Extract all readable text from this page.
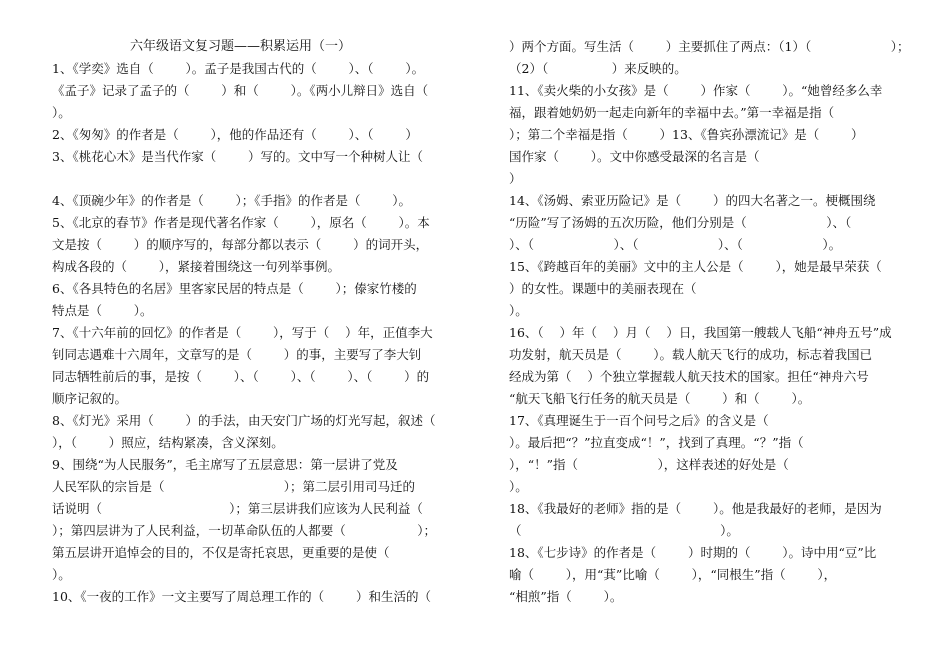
六年级语文复习题——积累运用（一）
1、《学奕》选自（        ）。孟子是我国古代的（        ）、（        ）。
《孟子》记录了孟子的（        ）和（        ）。《两小儿辩日》选自（
）。
2、《匆匆》的作者是（        ），他的作品还有（        ）、（        ）
3、《桃花心木》是当代作家（        ）写的。文中写一个种树人让（
4、《顶碗少年》的作者是（        ）；《手指》的作者是（        ）。
5、《北京的春节》作者是现代著名作家（        ），原名（        ）。本
文是按（        ）的顺序写的，每部分都以表示（        ）的词开头，
构成各段的（        ），紧接着围绕这一句列举事例。
6、《各具特色的名居》里客家民居的特点是（        ）；傣家竹楼的
特点是（        ）。
7、《十六年前的回忆》的作者是（        ），写于（    ）年，正值李大
钊同志遇难十六周年，文章写的是（        ）的事，主要写了李大钊
同志牺牲前后的事，是按（        ）、（        ）、（        ）、（        ）的
顺序记叙的。
8、《灯光》采用（        ）的手法，由天安门广场的灯光写起，叙述（
），（        ）照应，结构紧凑，含义深刻。
9、围绕“为人民服务”，毛主席写了五层意思：第一层讲了党及
人民军队的宗旨是（                              ）；第二层引用司马迁的
话说明（                                ）；第三层讲我们应该为人民利益（
）；第四层讲为了人民利益，一切革命队伍的人都要（                  ）；
第五层讲开追悼会的目的，不仅是寄托哀思，更重要的是使（
）。
10、《一夜的工作》一文主要写了周总理工作的（        ）和生活的（
）两个方面。写生活（        ）主要抓住了两点：（1）（                    ）；
（2）（                ）来反映的。
11、《卖火柴的小女孩》是（        ）作家（        ）。“她曾经多么幸
福，跟着她奶奶一起走向新年的幸福中去。”第一幸福是指（
）；第二个幸福是指（        ）13、《鲁宾孙漂流记》是（        ）
国作家（        ）。文中你感受最深的名言是（
）
14、《汤姆、索亚历险记》是（        ）的四大名著之一。梗概围绕
“历险”写了汤姆的五次历险，他们分别是（                    ）、（
）、（                    ）、（                    ）、（                    ）。
15、《跨越百年的美丽》文中的主人公是（        ），她是最早荣获（
）的女性。课题中的美丽表现在（
）。
16、（    ）年（    ）月（    ）日，我国第一艘载人飞船“神舟五号”成
功发射，航天员是（        ）。载人航天飞行的成功，标志着我国已
经成为第（    ）个独立掌握载人航天技术的国家。担任“神舟六号
“航天飞船飞行任务的航天员是（        ）和（        ）。
17、《真理诞生于一百个问号之后》的含义是（
）。最后把“？”拉直变成“！”，找到了真理。“？”指（
），“！”指（                    ），这样表述的好处是（
）。
18、《我最好的老师》指的是（        ）。他是我最好的老师，是因为
（                                                  ）。
18、《七步诗》的作者是（        ）时期的（        ）。诗中用“豆”比
喻（        ），用“萁”比喻（        ），“同根生”指（        ），
“相煎”指（        ）。
